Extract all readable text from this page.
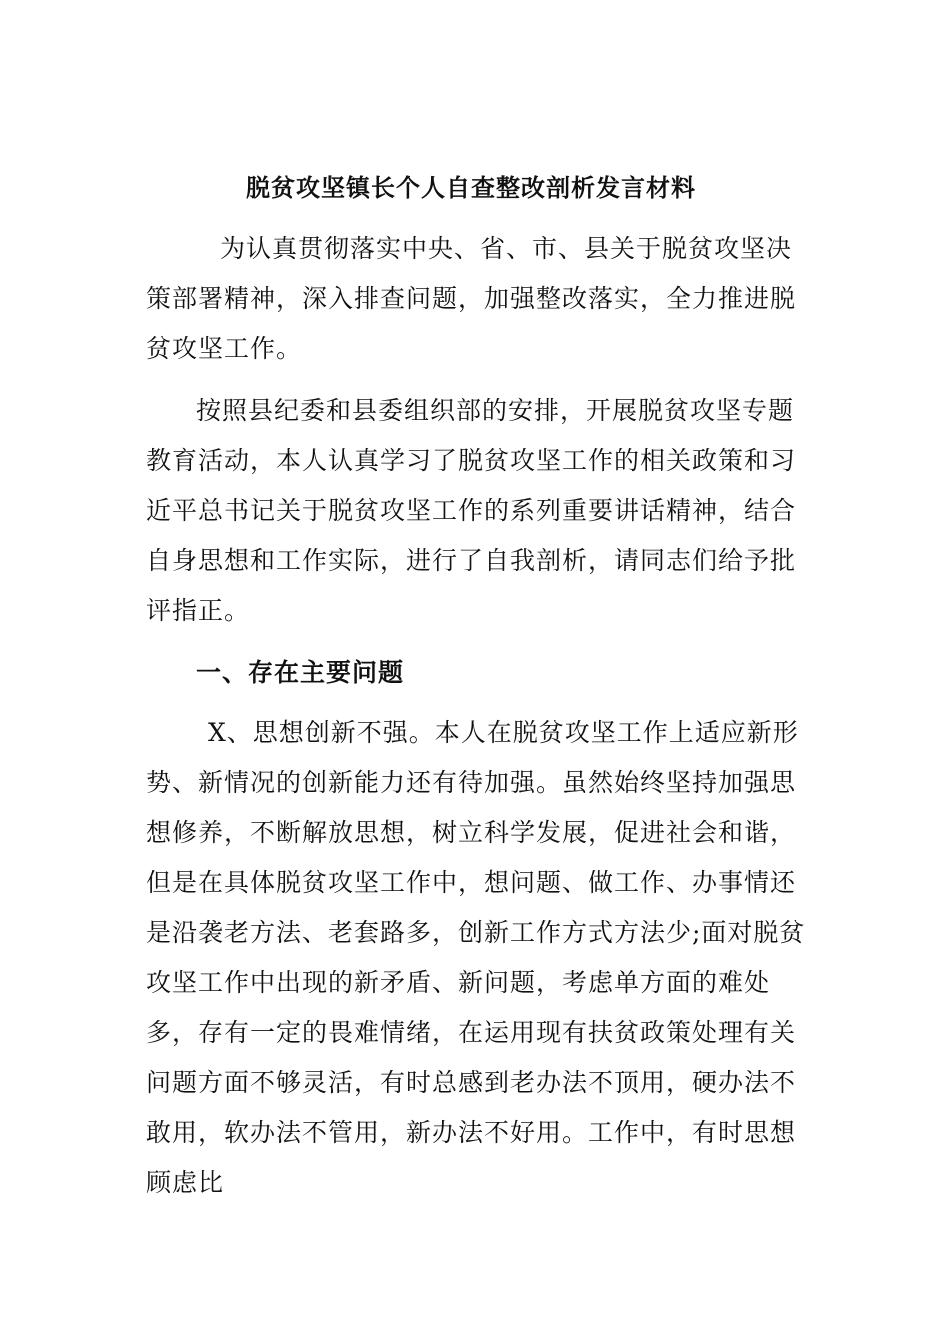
脱贫攻坚镇长个人自查整改剖析发言材料

为认真贯彻落实中央、省、市、县关于脱贫攻坚决策部署精神，深入排查问题，加强整改落实，全力推进脱贫攻坚工作。

按照县纪委和县委组织部的安排，开展脱贫攻坚专题教育活动，本人认真学习了脱贫攻坚工作的相关政策和习近平总书记关于脱贫攻坚工作的系列重要讲话精神，结合自身思想和工作实际，进行了自我剖析，请同志们给予批评指正。

一、存在主要问题

X、思想创新不强。本人在脱贫攻坚工作上适应新形势、新情况的创新能力还有待加强。虽然始终坚持加强思想修养，不断解放思想，树立科学发展，促进社会和谐，但是在具体脱贫攻坚工作中，想问题、做工作、办事情还是沿袭老方法、老套路多，创新工作方式方法少;面对脱贫攻坚工作中出现的新矛盾、新问题，考虑单方面的难处多，存有一定的畏难情绪，在运用现有扶贫政策处理有关问题方面不够灵活，有时总感到老办法不顶用，硬办法不敢用，软办法不管用，新办法不好用。工作中，有时思想顾虑比
